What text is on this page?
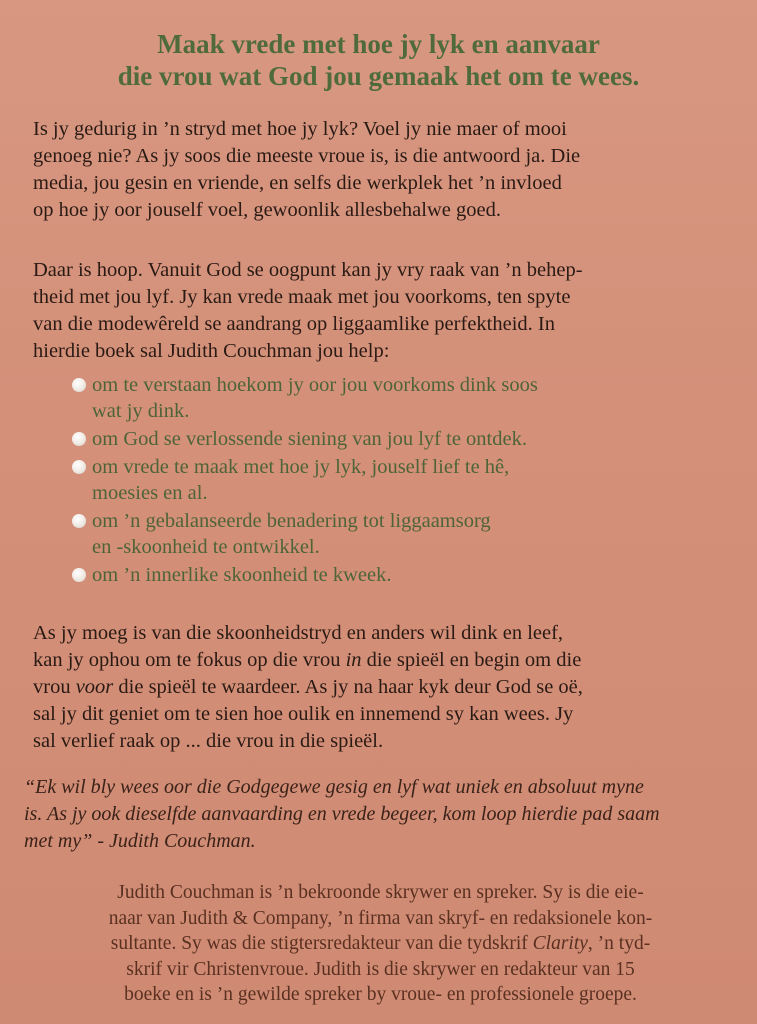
Maak vrede met hoe jy lyk en aanvaar
die vrou wat God jou gemaak het om te wees.
Is jy gedurig in ’n stryd met hoe jy lyk? Voel jy nie maer of mooi
genoeg nie? As jy soos die meeste vroue is, is die antwoord ja. Die
media, jou gesin en vriende, en selfs die werkplek het ’n invloed
op hoe jy oor jouself voel, gewoonlik allesbehalwe goed.
Daar is hoop. Vanuit God se oogpunt kan jy vry raak van ’n behep-
theid met jou lyf. Jy kan vrede maak met jou voorkoms, ten spyte
van die modewêreld se aandrang op liggaamlike perfektheid. In
hierdie boek sal Judith Couchman jou help:
om te verstaan hoekom jy oor jou voorkoms dink soos
wat jy dink.
om God se verlossende siening van jou lyf te ontdek.
om vrede te maak met hoe jy lyk, jouself lief te hê,
moesies en al.
om ’n gebalanseerde benadering tot liggaamsorg
en -skoonheid te ontwikkel.
om ’n innerlike skoonheid te kweek.
As jy moeg is van die skoonheidstryd en anders wil dink en leef,
kan jy ophou om te fokus op die vrou in die spieël en begin om die
vrou voor die spieël te waardeer. As jy na haar kyk deur God se oë,
sal jy dit geniet om te sien hoe oulik en innemend sy kan wees. Jy
sal verlief raak op ... die vrou in die spieël.
“Ek wil bly wees oor die Godgegewe gesig en lyf wat uniek en absoluut myne
is. As jy ook dieselfde aanvaarding en vrede begeer, kom loop hierdie pad saam
met my” - Judith Couchman.
Judith Couchman is ’n bekroonde skrywer en spreker. Sy is die eie-
naar van Judith & Company, ’n firma van skryf- en redaksionele kon-
sultante. Sy was die stigtersredakteur van die tydskrif Clarity, ’n tyd-
skrif vir Christenvroue. Judith is die skrywer en redakteur van 15
boeke en is ’n gewilde spreker by vroue- en professionele groepe.
